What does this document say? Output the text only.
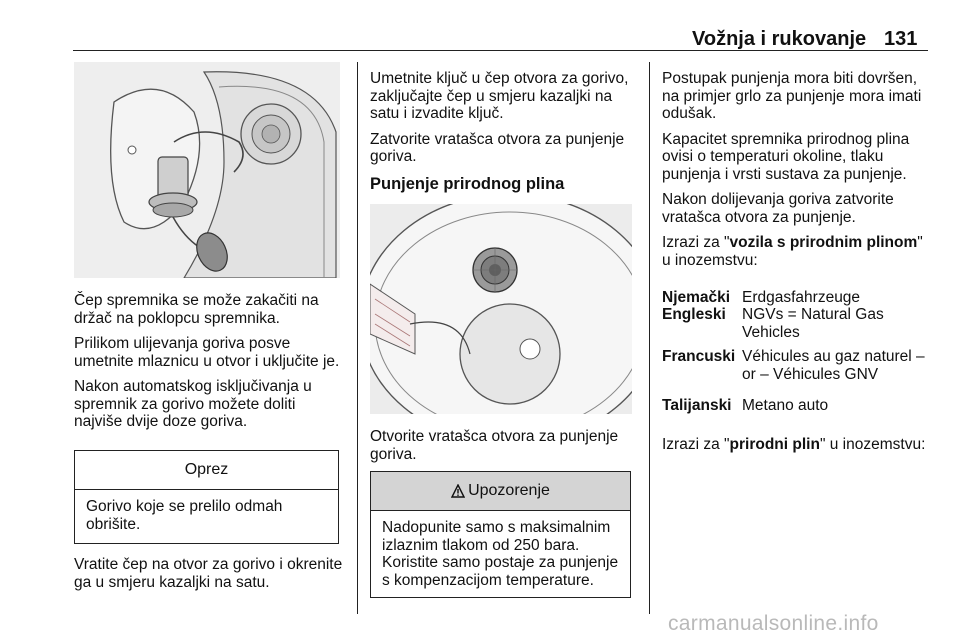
Vožnja i rukovanje 131

Čep spremnika se može zakačiti na držač na poklopcu spremnika.

Prilikom ulijevanja goriva posve umetnite mlaznicu u otvor i uključite je.

Nakon automatskog isključivanja u spremnik za gorivo možete doliti najviše dvije doze goriva.

Oprez
Gorivo koje se prelilo odmah obrišite.

Vratite čep na otvor za gorivo i okrenite ga u smjeru kazaljki na satu.

Umetnite ključ u čep otvora za gorivo, zaključajte čep u smjeru kazaljki na satu i izvadite ključ.

Zatvorite vratašca otvora za punjenje goriva.

Punjenje prirodnog plina

Otvorite vratašca otvora za punjenje goriva.

Upozorenje
Nadopunite samo s maksimalnim izlaznim tlakom od 250 bara. Koristite samo postaje za punjenje s kompenzacijom temperature.

Postupak punjenja mora biti dovršen, na primjer grlo za punjenje mora imati odušak.

Kapacitet spremnika prirodnog plina ovisi o temperaturi okoline, tlaku punjenja i vrsti sustava za punjenje.

Nakon dolijevanja goriva zatvorite vratašca otvora za punjenje.

Izrazi za "vozila s prirodnim plinom" u inozemstvu:

Njemački Erdgasfahrzeuge
Engleski	NGVs = Natural Gas Vehicles
Francuski Véhicules au gaz naturel – or – Véhicules GNV
Talijanski Metano auto

Izrazi za "prirodni plin" u inozemstvu:

carmanualsonline.info
